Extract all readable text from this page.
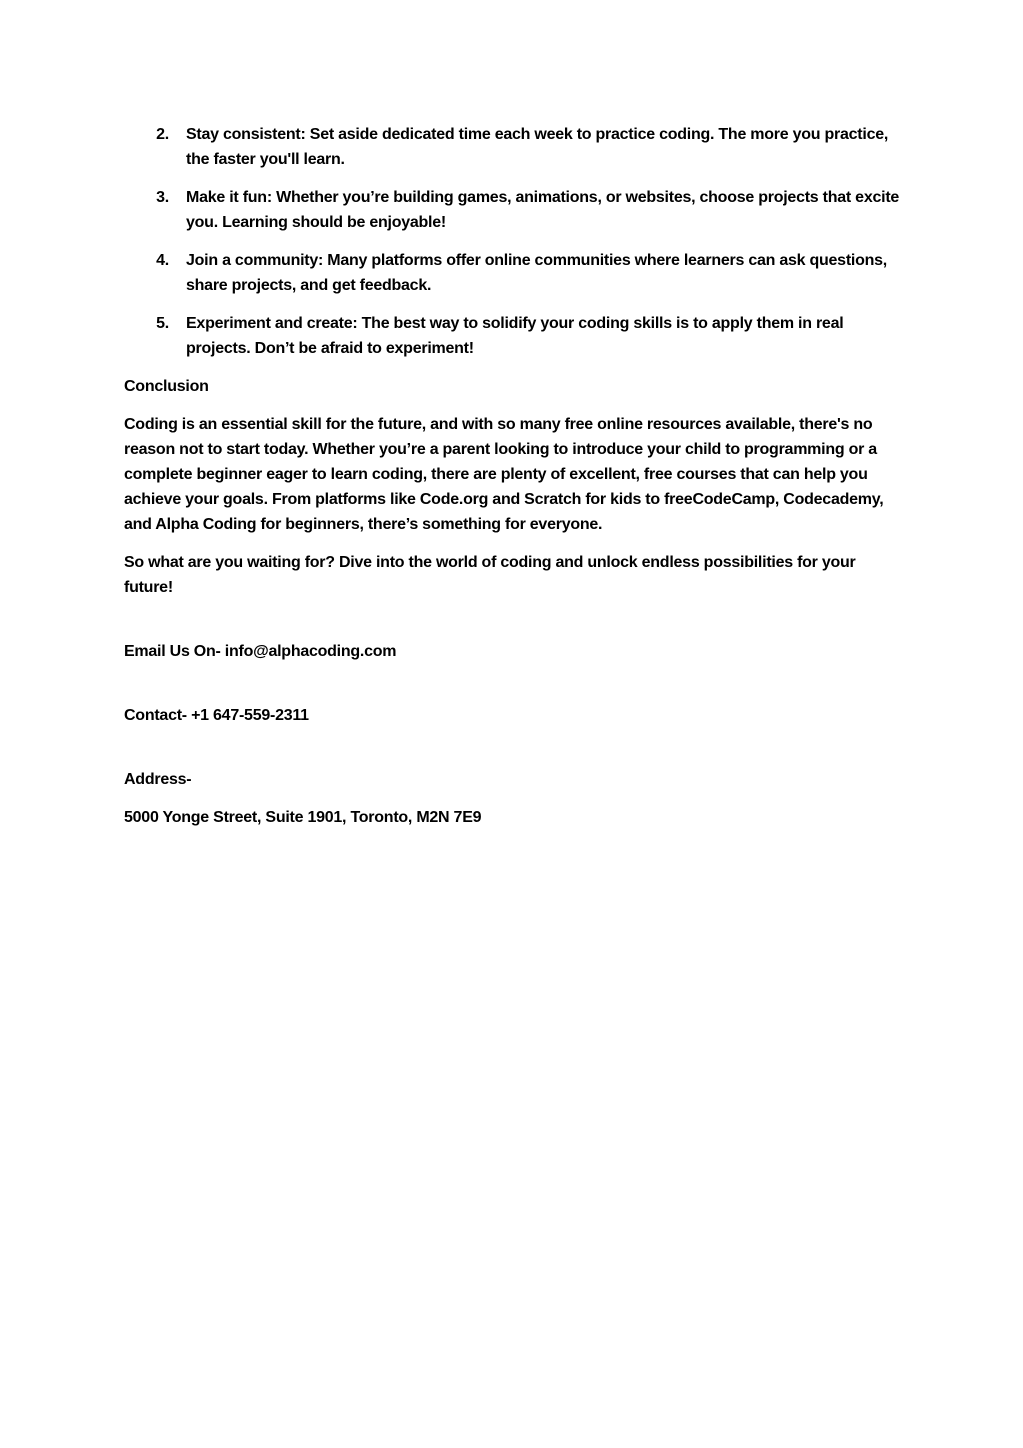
2.	Stay consistent: Set aside dedicated time each week to practice coding. The more you practice, the faster you'll learn.
3.	Make it fun: Whether you’re building games, animations, or websites, choose projects that excite you. Learning should be enjoyable!
4.	Join a community: Many platforms offer online communities where learners can ask questions, share projects, and get feedback.
5.	Experiment and create: The best way to solidify your coding skills is to apply them in real projects. Don’t be afraid to experiment!

Conclusion

Coding is an essential skill for the future, and with so many free online resources available, there's no reason not to start today. Whether you’re a parent looking to introduce your child to programming or a complete beginner eager to learn coding, there are plenty of excellent, free courses that can help you achieve your goals. From platforms like Code.org and Scratch for kids to freeCodeCamp, Codecademy, and Alpha Coding for beginners, there’s something for everyone.

So what are you waiting for? Dive into the world of coding and unlock endless possibilities for your future!

Email Us On- info@alphacoding.com

Contact- +1 647-559-2311

Address-

5000 Yonge Street, Suite 1901, Toronto, M2N 7E9
